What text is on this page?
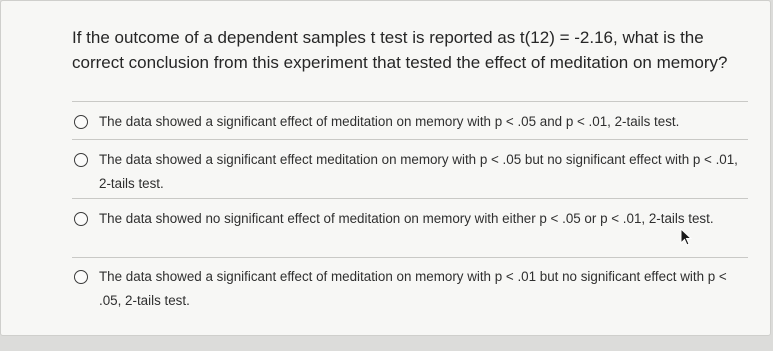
If the outcome of a dependent samples t test is reported as t(12) = -2.16, what is the correct conclusion from this experiment that tested the effect of meditation on memory?
The data showed a signiﬁcant effect of meditation on memory with p < .05 and p < .01, 2-tails test.
The data showed a signiﬁcant effect meditation on memory with p < .05 but no signiﬁcant effect with p < .01, 2-tails test.
The data showed no signiﬁcant effect of meditation on memory with either p < .05 or p < .01, 2-tails test.
The data showed a signiﬁcant effect of meditation on memory with p < .01 but no signiﬁcant effect with p < .05, 2-tails test.
